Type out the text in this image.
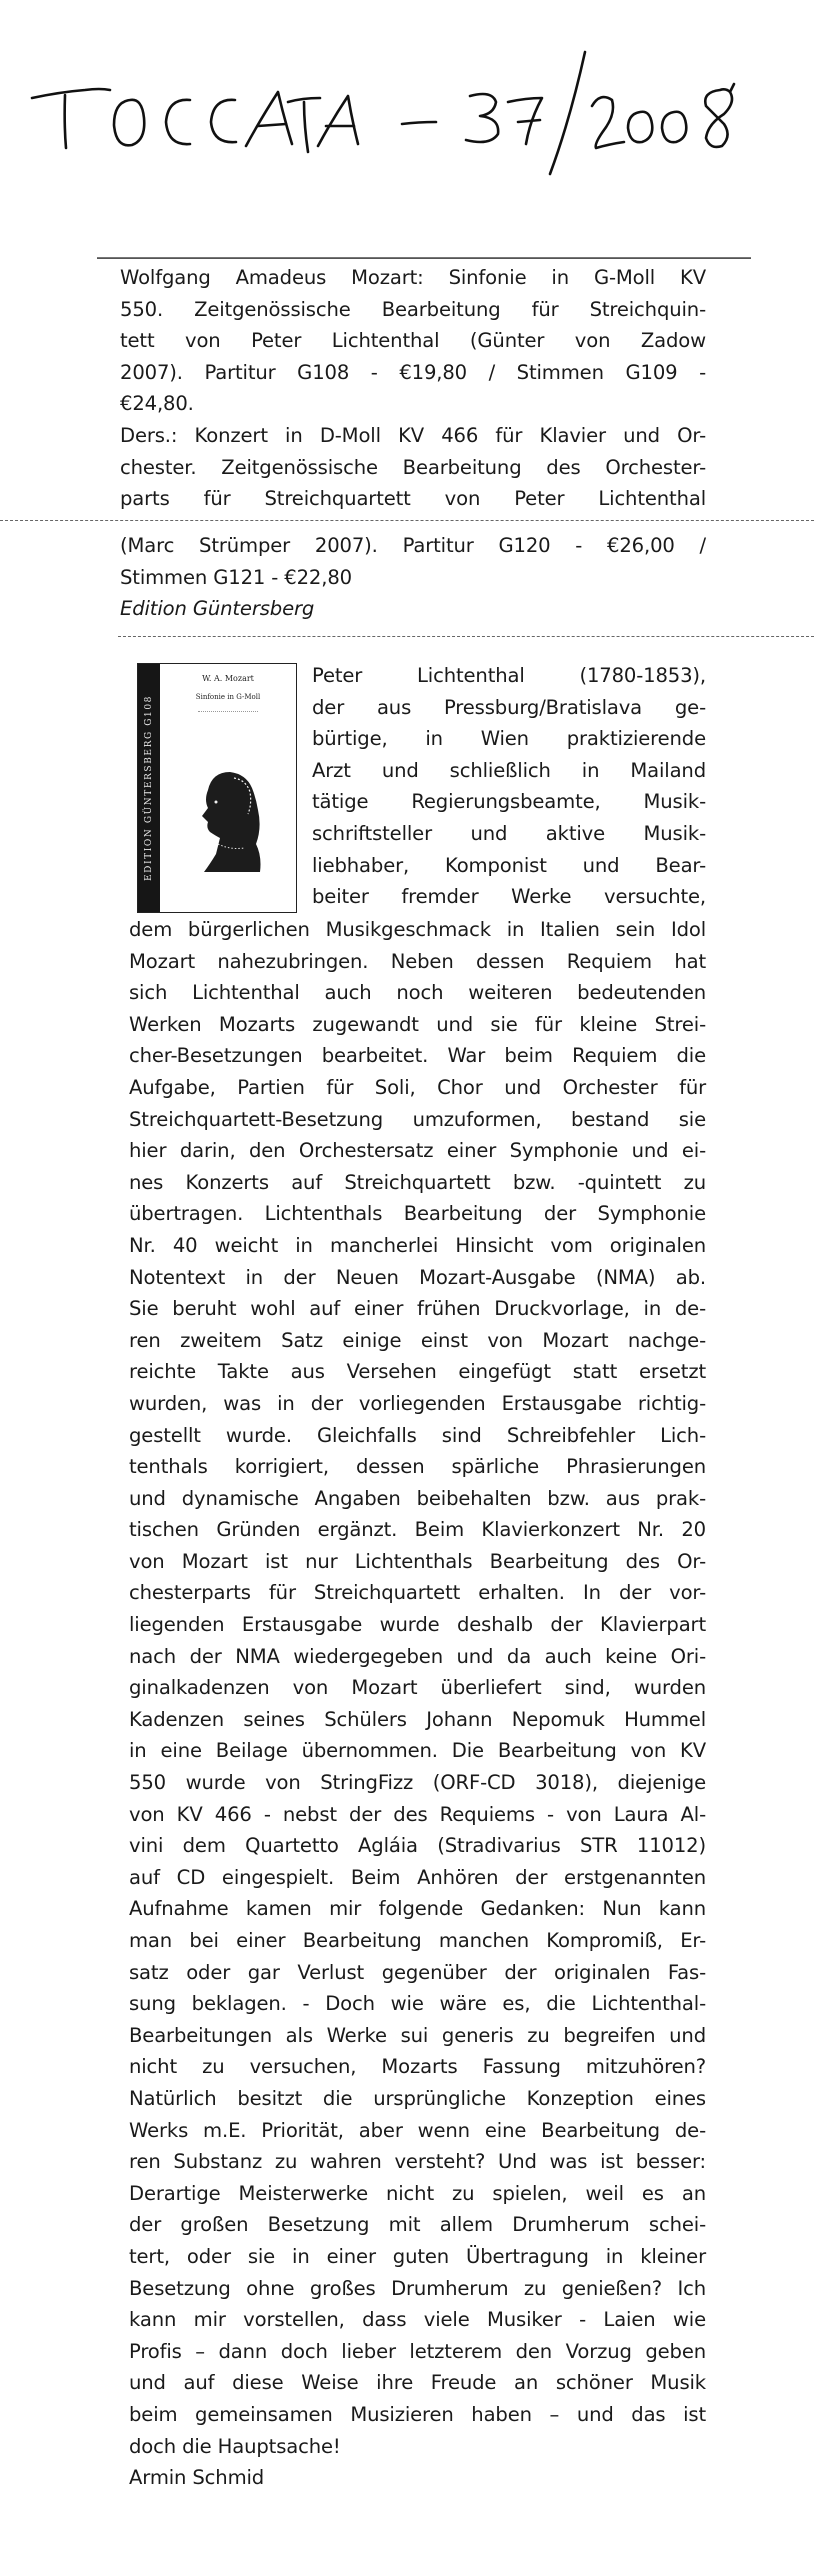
Wolfgang Amadeus Mozart: Sinfonie in G-Moll KV
550. Zeitgenössische Bearbeitung für Streichquin-
tett von Peter Lichtenthal (Günter von Zadow
2007). Partitur G108 - €19,80 / Stimmen G109 -
€24,80.
Ders.: Konzert in D-Moll KV 466 für Klavier und Or-
chester. Zeitgenössische Bearbeitung des Orchester-
parts für Streichquartett von Peter Lichtenthal
(Marc Strümper 2007). Partitur G120 - €26,00 /
Stimmen G121 - €22,80
Edition Güntersberg
EDITION GÜNTERSBERG G108
W. A. Mozart
Sinfonie in G-Moll
Peter Lichtenthal (1780-1853),
der aus Pressburg/Bratislava ge-
bürtige, in Wien praktizierende
Arzt und schließlich in Mailand
tätige Regierungsbeamte, Musik-
schriftsteller und aktive Musik-
liebhaber, Komponist und Bear-
beiter fremder Werke versuchte,
dem bürgerlichen Musikgeschmack in Italien sein Idol
Mozart nahezubringen. Neben dessen Requiem hat
sich Lichtenthal auch noch weiteren bedeutenden
Werken Mozarts zugewandt und sie für kleine Strei-
cher-Besetzungen bearbeitet. War beim Requiem die
Aufgabe, Partien für Soli, Chor und Orchester für
Streichquartett-Besetzung umzuformen, bestand sie
hier darin, den Orchestersatz einer Symphonie und ei-
nes Konzerts auf Streichquartett bzw. -quintett zu
übertragen. Lichtenthals Bearbeitung der Symphonie
Nr. 40 weicht in mancherlei Hinsicht vom originalen
Notentext in der Neuen Mozart-Ausgabe (NMA) ab.
Sie beruht wohl auf einer frühen Druckvorlage, in de-
ren zweitem Satz einige einst von Mozart nachge-
reichte Takte aus Versehen eingefügt statt ersetzt
wurden, was in der vorliegenden Erstausgabe richtig-
gestellt wurde. Gleichfalls sind Schreibfehler Lich-
tenthals korrigiert, dessen spärliche Phrasierungen
und dynamische Angaben beibehalten bzw. aus prak-
tischen Gründen ergänzt. Beim Klavierkonzert Nr. 20
von Mozart ist nur Lichtenthals Bearbeitung des Or-
chesterparts für Streichquartett erhalten. In der vor-
liegenden Erstausgabe wurde deshalb der Klavierpart
nach der NMA wiedergegeben und da auch keine Ori-
ginalkadenzen von Mozart überliefert sind, wurden
Kadenzen seines Schülers Johann Nepomuk Hummel
in eine Beilage übernommen. Die Bearbeitung von KV
550 wurde von StringFizz (ORF-CD 3018), diejenige
von KV 466 - nebst der des Requiems - von Laura Al-
vini dem Quartetto Agláia (Stradivarius STR 11012)
auf CD eingespielt. Beim Anhören der erstgenannten
Aufnahme kamen mir folgende Gedanken: Nun kann
man bei einer Bearbeitung manchen Kompromiß, Er-
satz oder gar Verlust gegenüber der originalen Fas-
sung beklagen. - Doch wie wäre es, die Lichtenthal-
Bearbeitungen als Werke sui generis zu begreifen und
nicht zu versuchen, Mozarts Fassung mitzuhören?
Natürlich besitzt die ursprüngliche Konzeption eines
Werks m.E. Priorität, aber wenn eine Bearbeitung de-
ren Substanz zu wahren versteht? Und was ist besser:
Derartige Meisterwerke nicht zu spielen, weil es an
der großen Besetzung mit allem Drumherum schei-
tert, oder sie in einer guten Übertragung in kleiner
Besetzung ohne großes Drumherum zu genießen? Ich
kann mir vorstellen, dass viele Musiker - Laien wie
Profis – dann doch lieber letzterem den Vorzug geben
und auf diese Weise ihre Freude an schöner Musik
beim gemeinsamen Musizieren haben – und das ist
doch die Hauptsache!
Armin Schmid
